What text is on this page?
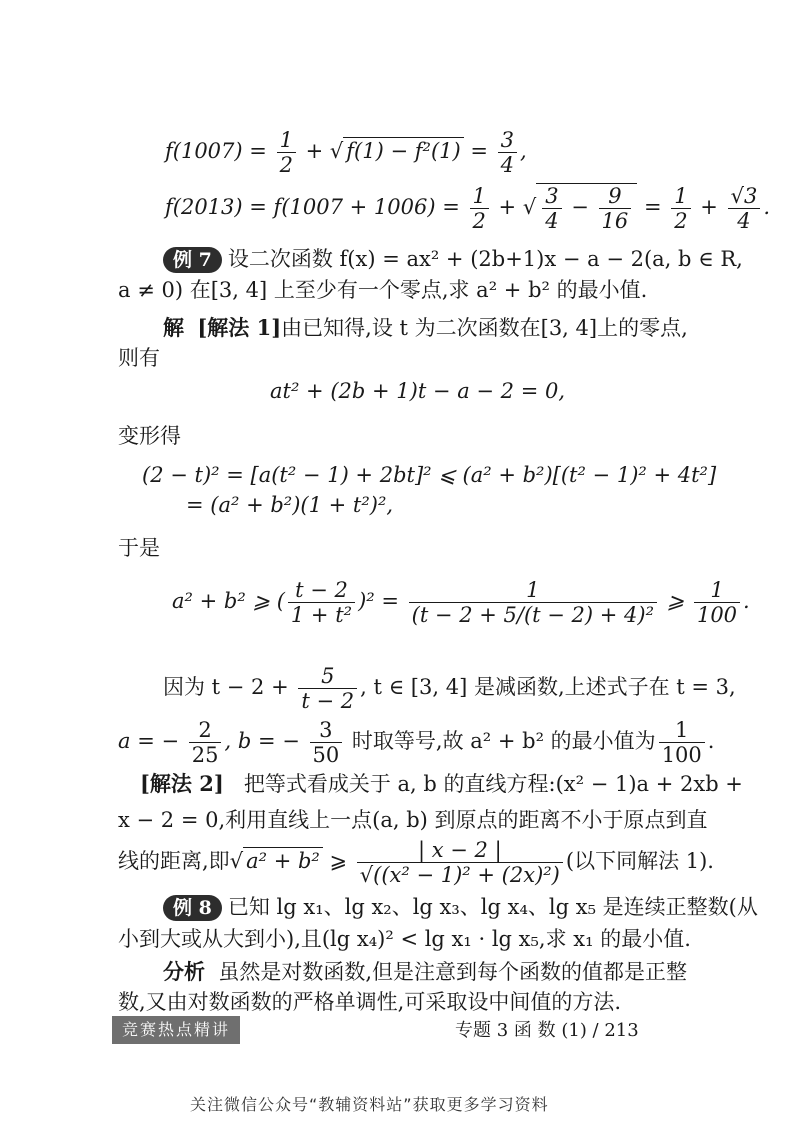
$f(1007) = \frac{1}{2}$ + √ $f(1) - f^2(1) = \frac{3}{4}$ ,
$f(2013) = f(1007 + 1006) = \frac{1}{2}$ + √ $\frac{3}{4} - \frac{9}{16} = \frac{1}{2} + \frac{√3}{4}$ .
例 7 设二次函数 f(x) = ax² + (2b+1)x − a − 2(a, b ∈ R,
a ≠ 0) 在[3, 4] 上至少有一个零点,求 a² + b² 的最小值.
解 [解法 1]由已知得,设 t 为二次函数在[3, 4]上的零点,
则有
at² + (2b + 1)t − a − 2 = 0,
变形得
(2 − t)² = [a(t² − 1) + 2bt]² ⩽ (a² + b²)[(t² − 1)² + 4t²]
= (a² + b²)(1 + t²)²,
于是
a² + b² ⩾ ( $\frac{t - 2}{\text{1 + t²}} )^2 = \frac{1}{\text{(t − 2 + 5/(t − 2) + 4)²}}$ ⩾ $\frac{1}{100}$ .
因为 $t - 2 + \frac{5}{t - 2}$ , t ∈ [3, 4] 是减函数,上述式子在 t = 3,
a = − $\frac{2}{25}$ , b = − $\frac{3}{50}$ 时取等号,故 a² + b² 的最小值为 $\frac{1}{100}$ .
[解法 2] 把等式看成关于 a, b 的直线方程:(x² − 1)a + 2xb +
x − 2 = 0,利用直线上一点(a, b) 到原点的距离不小于原点到直
线的距离,即√ a² + b² ⩾ $\frac{| x - 2 |}{\text{√((x² − 1)² + (2x)²)}}$ (以下同解法 1).
例 8 已知 lg x₁、lg x₂、lg x₃、lg x₄、lg x₅ 是连续正整数(从
小到大或从大到小),且(lg x₄)² < lg x₁ · lg x₅,求 x₁ 的最小值.
分析 虽然是对数函数,但是注意到每个函数的值都是正整
数,又由对数函数的严格单调性,可采取设中间值的方法.
竞赛热点精讲	专题 3 函 数 (1) / 213
关注微信公众号“教辅资料站”获取更多学习资料
